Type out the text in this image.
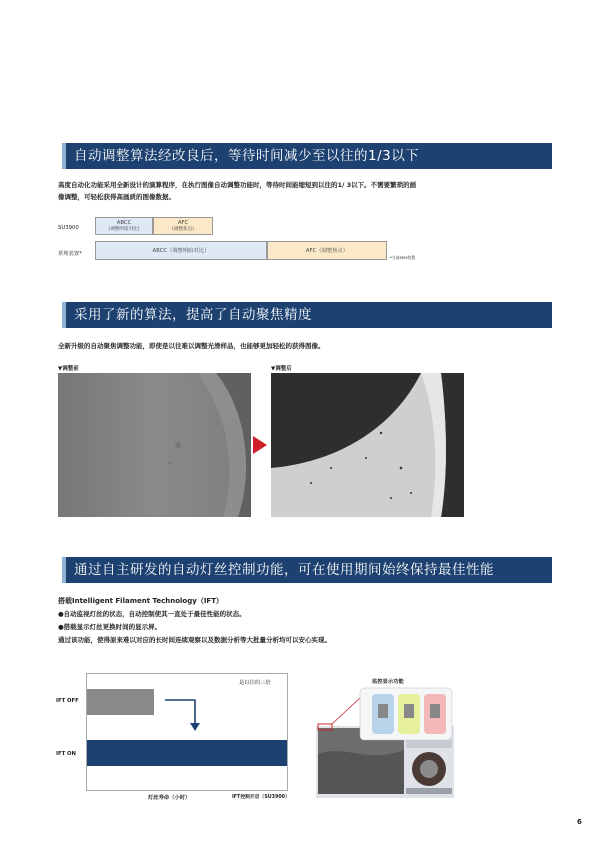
自动调整算法经改良后，等待时间减少至以往的1/3以下
高度自动化功能采用全新设计的演算程序，在执行图像自动调整功能时，等待时间能缩短到以往的1/ 3以下。不需要繁琐的画
像调整，可轻松获得高画质的图像数据。
SU3900
ABCC
(调整明暗对比)
AFC
(调整焦点)
常规装置*	ABCC（调整明暗对比）	AFC（调整焦点）
*当前SEM装置
采用了新的算法，提高了自动聚焦精度
全新升级的自动聚焦调整功能，即使是以往难以调整光滑样品，也能够更加轻松的获得图像。
▼调整前	▼调整后
通过自主研发的自动灯丝控制功能，可在使用期间始终保持最佳性能
搭载Intelligent Filament Technology（IFT）
●自动监视灯丝的状态，自动控制使其一直处于最佳性能的状态。
●搭载显示灯丝更换时间的显示屏。
通过该功能，使得原来难以对应的长时间连续观察以及数据分析等大批量分析均可以安心实现。
IFT OFF
IFT ON
是以往的三倍
灯丝寿命（小时）	IFT控制开启（SU3900）
监控显示功能
6
